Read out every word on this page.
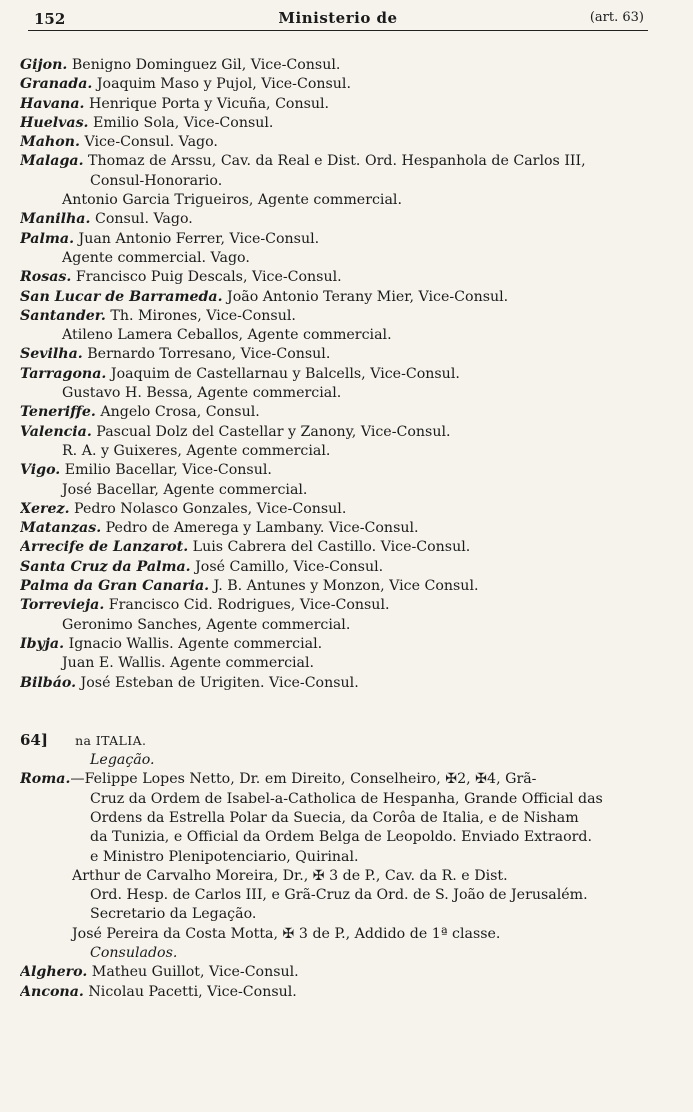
152	Ministerio de	(art. 63)
Gijon. Benigno Dominguez Gil, Vice-Consul.
Granada. Joaquim Maso y Pujol, Vice-Consul.
Havana. Henrique Porta y Vicuña, Consul.
Huelvas. Emilio Sola, Vice-Consul.
Mahon. Vice-Consul. Vago.
Malaga. Thomaz de Arssu, Cav. da Real e Dist. Ord. Hespanhola de Carlos III,
Consul-Honorario.
Antonio Garcia Trigueiros, Agente commercial.
Manilha. Consul. Vago.
Palma. Juan Antonio Ferrer, Vice-Consul.
Agente commercial. Vago.
Rosas. Francisco Puig Descals, Vice-Consul.
San Lucar de Barrameda. João Antonio Terany Mier, Vice-Consul.
Santander. Th. Mirones, Vice-Consul.
Atileno Lamera Ceballos, Agente commercial.
Sevilha. Bernardo Torresano, Vice-Consul.
Tarragona. Joaquim de Castellarnau y Balcells, Vice-Consul.
Gustavo H. Bessa, Agente commercial.
Teneriffe. Angelo Crosa, Consul.
Valencia. Pascual Dolz del Castellar y Zanony, Vice-Consul.
R. A. y Guixeres, Agente commercial.
Vigo. Emilio Bacellar, Vice-Consul.
José Bacellar, Agente commercial.
Xerez. Pedro Nolasco Gonzales, Vice-Consul.
Matanzas. Pedro de Amerega y Lambany. Vice-Consul.
Arrecife de Lanzarot. Luis Cabrera del Castillo. Vice-Consul.
Santa Cruz da Palma. José Camillo, Vice-Consul.
Palma da Gran Canaria. J. B. Antunes y Monzon, Vice Consul.
Torrevieja. Francisco Cid. Rodrigues, Vice-Consul.
Geronimo Sanches, Agente commercial.
Ibyja. Ignacio Wallis. Agente commercial.
Juan E. Wallis. Agente commercial.
Bilbáo. José Esteban de Urigiten. Vice-Consul.
64] na ITALIA.
Legação.
Roma.—Felippe Lopes Netto, Dr. em Direito, Conselheiro, ✠2, ✠4, Grã-
Cruz da Ordem de Isabel-a-Catholica de Hespanha, Grande Official das
Ordens da Estrella Polar da Suecia, da Corôa de Italia, e de Nisham
da Tunizia, e Official da Ordem Belga de Leopoldo. Enviado Extraord.
e Ministro Plenipotenciario, Quirinal.
Arthur de Carvalho Moreira, Dr., ✠ 3 de P., Cav. da R. e Dist.
Ord. Hesp. de Carlos III, e Grã-Cruz da Ord. de S. João de Jerusalém.
Secretario da Legação.
José Pereira da Costa Motta, ✠ 3 de P., Addido de 1ª classe.
Consulados.
Alghero. Matheu Guillot, Vice-Consul.
Ancona. Nicolau Pacetti, Vice-Consul.
